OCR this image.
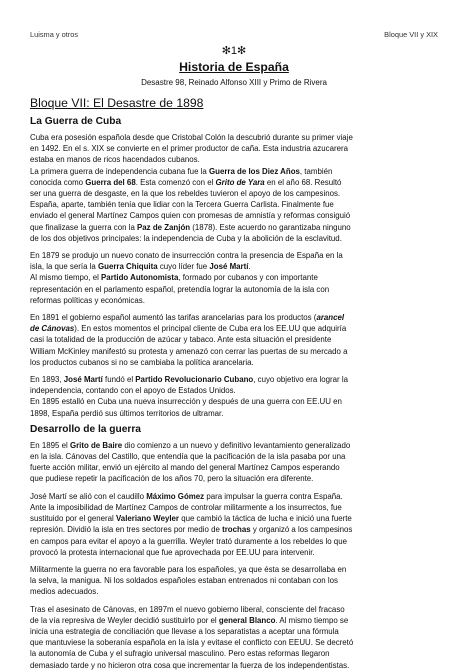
Luisma y otros	Bloque VII y XIX
✻1✻
Historia de España
Desastre 98, Reinado Alfonso XIII y Primo de Rivera
Bloque VII: El Desastre de 1898
La Guerra de Cuba
Cuba era posesión española desde que Cristobal Colón la descubrió durante su primer viaje
en 1492. En el s. XIX se convierte en el primer productor de caña. Esta industria azucarera
estaba en manos de ricos hacendados cubanos.
La primera guerra de independencia cubana fue la Guerra de los Diez Años, también
conocida como Guerra del 68. Esta comenzó con el Grito de Yara en el año 68. Resultó
ser una guerra de desgaste, en la que los rebeldes tuvieron el apoyo de los campesinos.
España, aparte, también tenía que lidiar con la Tercera Guerra Carlista. Finalmente fue
enviado el general Martínez Campos quien con promesas de amnistía y reformas consiguió
que finalizase la guerra con la Paz de Zanjón (1878). Este acuerdo no garantizaba ninguno
de los dos objetivos principales: la independencia de Cuba y la abolición de la esclavitud.
En 1879 se produjo un nuevo conato de insurrección contra la presencia de España en la
isla, la que sería la Guerra Chiquita cuyo líder fue José Martí.
Al mismo tiempo, el Partido Autonomista, formado por cubanos y con importante
representación en el parlamento español, pretendía lograr la autonomía de la isla con
reformas políticas y económicas.
En 1891 el gobierno español aumentó las tarifas arancelarias para los productos (arancel
de Cánovas). En estos momentos el principal cliente de Cuba era los EE.UU que adquiría
casi la totalidad de la producción de azúcar y tabaco. Ante esta situación el presidente
William McKinley manifestó su protesta y amenazó con cerrar las puertas de su mercado a
los productos cubanos si no se cambiaba la política arancelaria.
En 1893, José Martí fundó el Partido Revolucionario Cubano, cuyo objetivo era lograr la
independencia, contando con el apoyo de Estados Unidos.
En 1895 estalló en Cuba una nueva insurrección y después de una guerra con EE.UU en
1898, España perdió sus últimos territorios de ultramar.
Desarrollo de la guerra
En 1895 el Grito de Baire dio comienzo a un nuevo y definitivo levantamiento generalizado
en la isla. Cánovas del Castillo, que entendía que la pacificación de la isla pasaba por una
fuerte acción militar, envió un ejército al mando del general Martínez Campos esperando
que pudiese repetir la pacificación de los años 70, pero la situación era diferente.
José Martí se alió con el caudillo Máximo Gómez para impulsar la guerra contra España.
Ante la imposibilidad de Martínez Campos de controlar militarmente a los insurrectos, fue
sustituido por el general Valeriano Weyler que cambió la táctica de lucha e inició una fuerte
represión. Dividió la isla en tres sectores por medio de trochas y organizó a los campesinos
en campos para evitar el apoyo a la guerrilla. Weyler trató duramente a los rebeldes lo que
provocó la protesta internacional que fue aprovechada por EE.UU para intervenir.
Militarmente la guerra no era favorable para los españoles, ya que ésta se desarrollaba en
la selva, la manigua. Ni los soldados españoles estaban entrenados ni contaban con los
medios adecuados.
Tras el asesinato de Cánovas, en 1897m el nuevo gobierno liberal, consciente del fracaso
de la vía represiva de Weyler decidió sustituirlo por el general Blanco. Al mismo tiempo se
inicia una estrategia de conciliación que llevase a los separatistas a aceptar una fórmula
que mantuviese la soberanía española en la isla y evitase el conflicto con EEUU. Se decretó
la autonomía de Cuba y el sufragio universal masculino. Pero estas reformas llegaron
demasiado tarde y no hicieron otra cosa que incrementar la fuerza de los independentistas.
